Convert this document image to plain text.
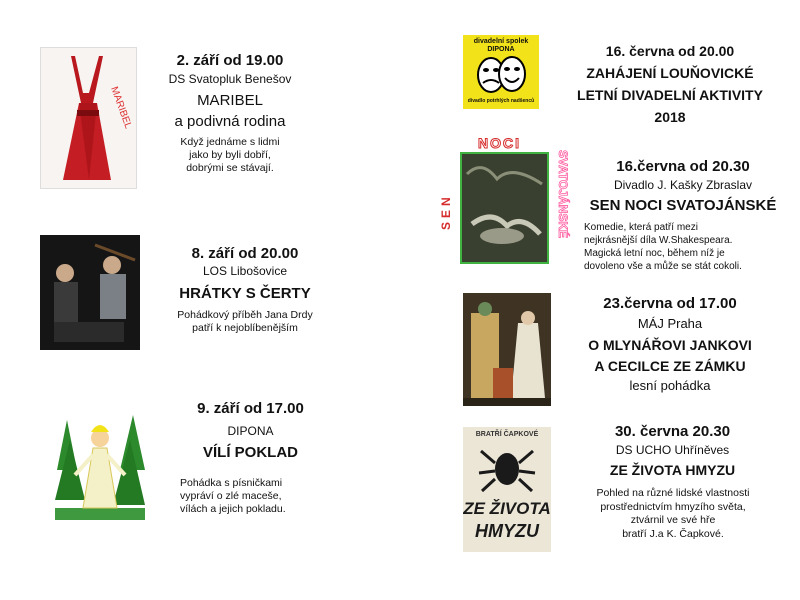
MARIBEL
2. září od 19.00
DS Svatopluk Benešov
MARIBEL
a podivná rodina
Když jednáme s lidmi
jako by byli dobří,
dobrými se stávají.
8. září od 20.00
LOS Libošovice
HRÁTKY S ČERTY
Pohádkový příběh Jana Drdy
patří k nejoblíbenějším
9. září od 17.00
DIPONA
VÍLÍ POKLAD
Pohádka s písničkami
vypráví o zlé maceše,
vílách a jejich pokladu.
divadelní spolek
DIPONA
divadlo potrhlých nadšenců
16. června od 20.00
ZAHÁJENÍ LOUŇOVICKÉ
LETNÍ DIVADELNÍ AKTIVITY
2018
NOCI
SEN	SVATOJÁNSKÉ	16.června od 20.30
Divadlo J. Kašky Zbraslav
SEN NOCI SVATOJÁNSKÉ
Komedie, která patří mezi
nejkrásnější díla W.Shakespeara.
Magická letní noc, během níž je
dovoleno vše a může se stát cokoli.
23.června od 17.00
MÁJ Praha
O MLYNÁŘOVI JANKOVI
A CECILCE ZE ZÁMKU
lesní pohádka
BRATŘÍ ČAPKOVÉ
ZE ŽIVOTA
HMYZU
30. června 20.30
DS UCHO Uhříněves
ZE ŽIVOTA HMYZU
Pohled na různé lidské vlastnosti
prostřednictvím hmyzího světa,
ztvárnil ve své hře
bratří J.a K. Čapkové.
